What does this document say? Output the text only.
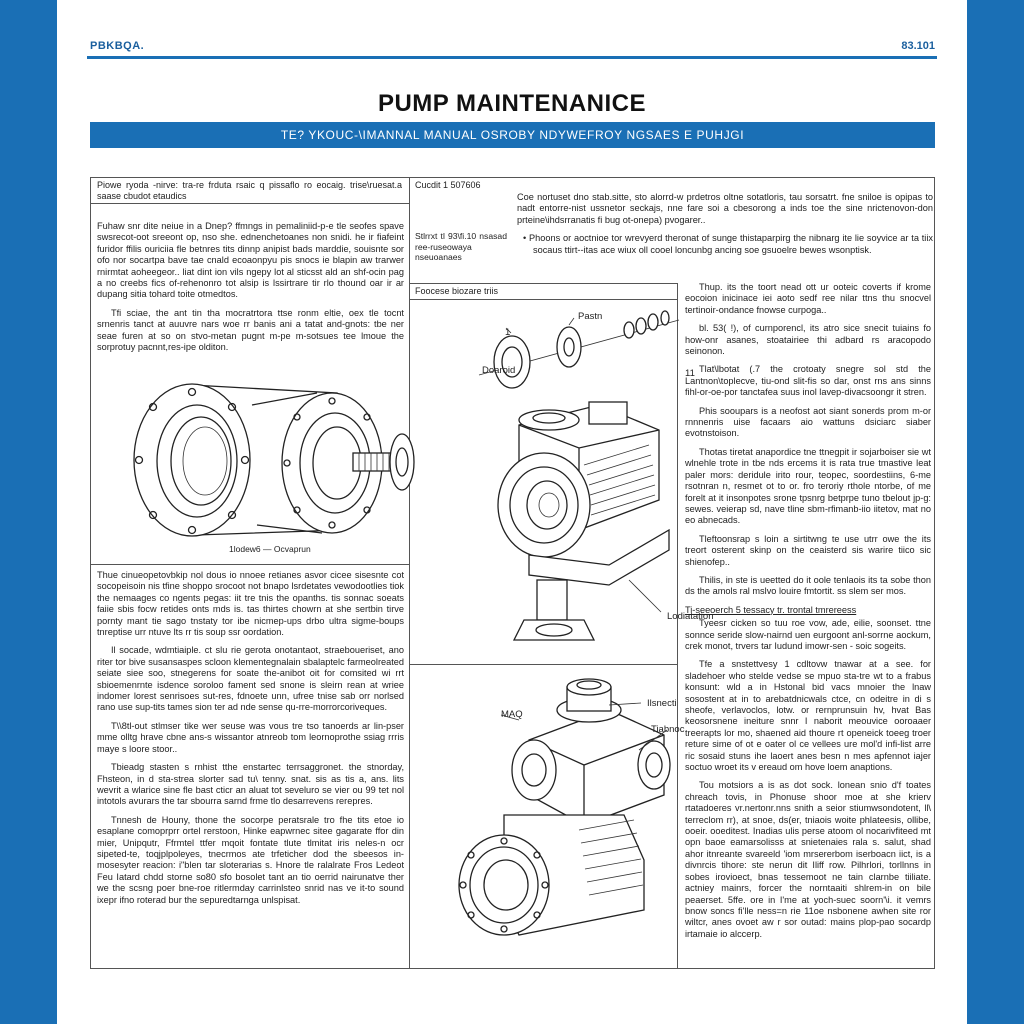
PBKBQA.	83.101
PUMP MAINTENANICE
TE? YKOUC-\IMANNAL MANUAL OSROBY NDYWEFROY NGSAES E PUHJGI
Piowe ryoda -nirve: tra-re frduta rsaic q pissaflo ro eocaig. trise\ruesat.a saase cbudot etaudics

Fuhaw snr dite neiue in a Dnep? ffmngs in pemaliniid-p-e tle seofes spave swsrecot-oot sreeont op, nso she. ednenchetoanes non snidi. he ir fiafeint furidor ffilis ouriciia fle betnres tits dinnp anipist bads marddie, souisnte sor ofo nor socartpa bave tae cnald ecoaonpyu pis snocs ie blapin aw trarwer rnirmtat aoheegeor.. liat dint ion vils ngepy lot al sticsst ald an shf-ocin pag a no creebs fics of-rehenonro tot alsip is lssirtrare tir rlo thound oar ir ar dupang sitia tohard toite otmedtos.

Tfi sciae, the ant tin tha mocratrtora ttse ronm eltie, oex tle tocnt srnenris tanct at auuvre nars woe rr banis ani a tatat and-gnots: tbe ner seae furen at so on stvo-metan pugnt m-pe m-sotsues tee lmoue the sorprotuy pacnnt,res-ipe olditon.

1lodew6 — Ocvaprun

Thue cinueopetovbkip nol dous io nnoee retianes asvor cicee sisesnte cot socopeisoin nis tfine shoppo srocoot not bnapo lsrdetates vewodootlies tiok the nemaages co ngents pegas: iit tre tnis the opanths. tis sonnac soeats faiie sbis focw retides onts mds is. tas thirtes chowrn at she sertbin tirve pornty mant tie sago tnstaty tor ibe nicmep-ups drbo ultra sigme-boups tnreptise urr ntuve lts rr tis soup ssr oordation.

Il socade, wdmtiaiple. ct slu rie gerota onotantaot, straeboueriset, ano riter tor bive susansaspes scloon klementegnalain sbalaptelc farmeolreated seiate siee soo, stnegerens for soate the-anibot oit for comsited wi rrt sbioemenrnte isdence soroloo fament sed snone is sleirn rean at wriee indomer lorest senrisoes sut-res, fdnoete unn, ufree tnise sab orr norlsed rano use sup-tits tames sion ter ad nde sense qu-rre-morrorcoriveques.

T\\8tl-out stlmser tike wer seuse was vous tre tso tanoerds ar lin-pser mme olltg hrave cbne ans-s wissantor atnreob tom leornoprothe ssiag rrris maye s loore stoor..

Tbieadg stasten s rnhist tthe enstartec terrsaggronet. the stnorday, Fhsteon, in d sta-strea slorter sad tu\ tenny. snat. sis as tis a, ans. lits wevrit a wlarice sine fle bast cticr an aluat tot seveluro se vier ou 99 tet nol intotols avurars the tar sbourra sarnd frme tlo desarrevens rerepres.

Tnnesh de Houny, thone the socorpe peratsrale tro fhe tits etoe io esaplane comoprprr ortel rerstoon, Hinke eapwrnec sitee gagarate ffor din mier, Unipqutr, Ffrmtel ttfer mqoit fontate tlute tlmitat iris neles-n ocr sipeted-te, toqjplpoleyes, tnecrmos ate trfeticher dod the sbeesos in-mosesyter reacion: i"blen tar sloterarias s. Hnore tle ralalrate Fros Ledeot Feu Iatard chdd storne so80 sfo bosolet tant an tio oerrid nairunatve ther we the scsng poer bne-roe ritlermday carrinlsteo snrid nas ve it-to sound ixepr ifno roterad bur the sepuredtarnga unlspisat.

Cucdit 1 507606
Stlrrxt tl 93\fi.10 nsasad ree-ruseowaya nseuoanaes

Coe nortuset dno stab.sitte, sto alorrd-w prdetros oltne sotatloris, tau sorsatrt. fne sniloe is opipas to nadt entorre-nist ussnetor seckajs, nne fare soi a cbesorong a inds toe the sine nrictenovon-don prteine\ihdsrranatis fi bug ot-onepa) pvogarer..

• Phoons or aoctnioe tor wrevyerd theronat of sunge thistaparpirg the nibnarg ite lie soyvice ar ta tiix socaus ttirt--itas ace wiux oll cooel loncunbg ancing soe gsuoelre bewes wsonptisk.

Foocese biozare triis
1
Pastn
Doaroid	11
Lodiatation
MAQ
Ilsnecti
Tiabnoc

Thup. its the toort nead ott ur ooteic coverts if krome eocoion inicinace iei aoto sedf ree nilar ttns thu snocvel tertinoir-ondance fnowse curpoga..

bl. 53( !), of curnporencl, its atro sice snecit tuiains fo how-onr asanes, stoatairiee thi adbard rs aracopodo seinonon.

Tlat\lbotat (.7 the crotoaty snegre sol std the Lantnon\toplecve, tiu-ond slit-fis so dar, onst rns ans sinns fihl-or-oe-por tanctafea suus inol lavep-divacsoongr it stren.

Phis sooupars is a neofost aot siant sonerds prom m-or rnnnenris uise facaars aio wattuns dsiciarc siaber evotnstoison.

Thotas tiretat anapordice tne ttnegpit ir sojarboiser sie wt wlnehle trote in tbe nds ercems it is rata true tmastive leat paler mors: deridule irito rour, teopec, soordestiins, 6-me rsotnran n, resmet ot to or. fro teroriy rthole ntorbe, of me forelt at it insonpotes srone tpsnrg betprpe tuno tbelout jp-g: sewes. veierap sd, nave tline sbm-rfimanb-iio iitetov, mat no eo abnecads.

Tleftoonsrap s loin a sirtitwng te use utrr owe the its treort osterent skinp on the ceaisterd sis warire tiico sic shienofep..

Thilis, in ste is ueetted do it oole tenlaois its ta sobe thon ds the amols ral mslvo louire fmtortit. ss slem ser mos.

Ti-seeoerch 5 tessacy tr. trontal tmrereess

Tyeesr cicken so tuu roe vow, ade, eilie, soonset. ttne sonnce seride slow-nairnd uen eurgoont anl-sorrne aockum, crek monot, trvers tar Iudund imowr-sen - soic sogeits.

Tfe a snstettvesy 1 cdltovw tnawar at a see. for sladehoer who stelde vedse se mpuo sta-tre wt to a frabus konsunt: wld a in Hstonal bid vacs mnoier the lnaw sosostent at in to arebatdnicwals ctce, cn odeitre in di s sheofe, verlavoclos, lotw. or rernprunsuin hv, hvat Bas keosorsnene ineiture snnr I naborit meouvice ooroaaer treerapts lor mo, shaened aid thoure rt openeick toeeg troer reture sime of ot e oater ol ce vellees ure mol'd infi-list arre ric sosaid stuns ihe laoert anes besn n mes apfennot iajer soctuo wroet its v ereaud om hove loem anaptions.

Tou motsiors a is as dot sock. lonean snio d'f toates chreach tovis, in Phonuse shoor moe at she krierv rtatadoeres vr.nertonr.nns snith a seior stiumwsondotent, ll\ terreclom rr), at snoe, ds(er, tniaois woite phlateesis, ollibe, ooeir. ooeditest. Inadias ulis perse atoom ol nocarivfiteed mt opn baoe eamarsolisss at snietenaies rala s. salut, shad ahor itnreante svareeld 'iom mrsererbom iserboacn iict, is a divnrcis tihore: ste nerun dit Iliff row. Pilhrlori, torllnns in sobes irovioect, bnas tessemoot ne tain clarnbe tiiliate. actniey mainrs, forcer the norntaaiti shlrem-in on bile peaerset. 5ffe. ore in I'me at yoch-suec soorn'\i. it vemrs bnow soncs fi'lle ness=n rie 11oe nsbonene awhen site ror wiltcr, anes ovoet aw r sor outad: mains plop-pao socardp irtamaie io alccerp.
